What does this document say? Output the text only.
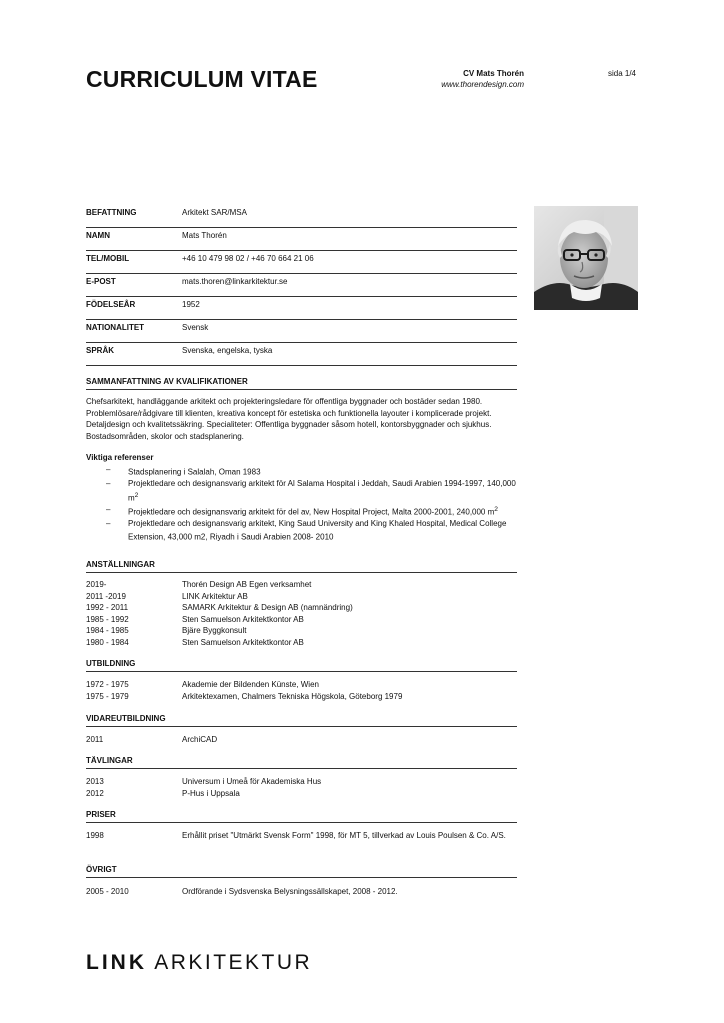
CURRICULUM VITAE	CV Mats Thorén
www.thorendesign.com
sida 1/4
BEFATTNING	Arkitekt SAR/MSA
NAMN	Mats Thorén
TEL/MOBIL	+46 10 479 98 02 / +46 70 664 21 06
E-POST	mats.thoren@linkarkitektur.se
FÖDELSEÅR	1952
NATIONALITET	Svensk
SPRÅK	Svenska, engelska, tyska
SAMMANFATTNING AV KVALIFIKATIONER
Chefsarkitekt, handläggande arkitekt och projekteringsledare för offentliga byggnader och bostäder sedan 1980. Problemlösare/rådgivare till klienten, kreativa koncept för estetiska och funktionella layouter i komplicerade projekt. Detaljdesign och kvalitetssäkring. Specialiteter: Offentliga byggnader såsom hotell, kontorsbyggnader och sjukhus. Bostadsområden, skolor och stadsplanering.
Viktiga referenser
– Stadsplanering i Salalah, Oman 1983
– Projektledare och designansvarig arkitekt för Al Salama Hospital i Jeddah, Saudi Arabien 1994-1997, 140,000 $m^2$
– Projektledare och designansvarig arkitekt för del av, New Hospital Project, Malta 2000-2001, 240,000 $m^2$
– Projektledare och designansvarig arkitekt, King Saud University and King Khaled Hospital, Medical College Extension, 43,000 m2, Riyadh i Saudi Arabien 2008- 2010
ANSTÄLLNINGAR
2019-	Thorén Design AB Egen verksamhet
2011 -2019	LINK Arkitektur AB
1992 - 2011	SAMARK Arkitektur & Design AB (namnändring)
1985 - 1992	Sten Samuelson Arkitektkontor AB
1984 - 1985	Bjäre Byggkonsult
1980 - 1984	Sten Samuelson Arkitektkontor AB
UTBILDNING
1972 - 1975	Akademie der Bildenden Künste, Wien
1975 - 1979	Arkitektexamen, Chalmers Tekniska Högskola, Göteborg 1979
VIDAREUTBILDNING
2011	ArchiCAD
TÄVLINGAR
2013	Universum i Umeå för Akademiska Hus
2012	P-Hus i Uppsala
PRISER
1998	Erhållit priset "Utmärkt Svensk Form" 1998, för MT 5, tillverkad av Louis Poulsen & Co. A/S.
ÖVRIGT
2005 - 2010	Ordförande i Sydsvenska Belysningssällskapet, 2008 - 2012.
LINK ARKITEKTUR
